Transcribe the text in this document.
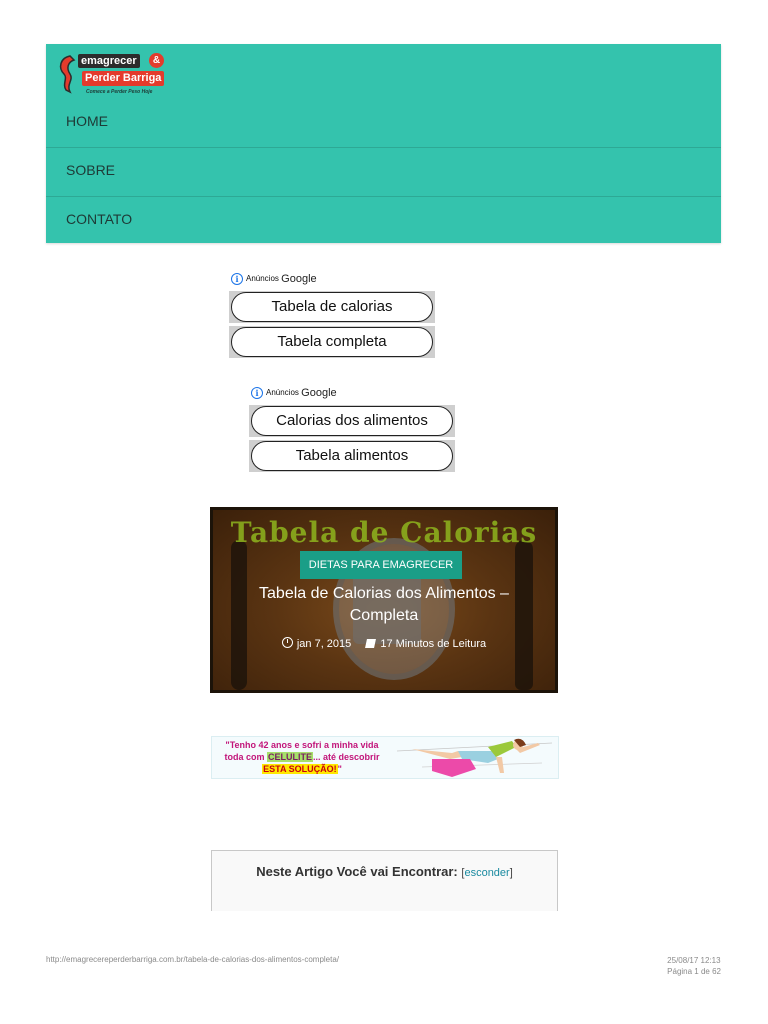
emagrecer	&
Perder Barriga
Comece a Perder Peso Hoje
HOME
SOBRE
CONTATO
i Anúncios Google
Tabela de calorias
Tabela completa
i Anúncios Google
Calorias dos alimentos
Tabela alimentos
Tabela de Calorias
DIETAS PARA EMAGRECER
Tabela de Calorias dos Alimentos – Completa
jan 7, 2015	17 Minutos de Leitura
"Tenho 42 anos e sofri a minha vida toda com CELULITE... até descobrir ESTA SOLUÇÃO!"
Neste Artigo Você vai Encontrar: [esconder]
http://emagrecereperderbarriga.com.br/tabela-de-calorias-dos-alimentos-completa/	25/08/17 12:13
Página 1 de 62
